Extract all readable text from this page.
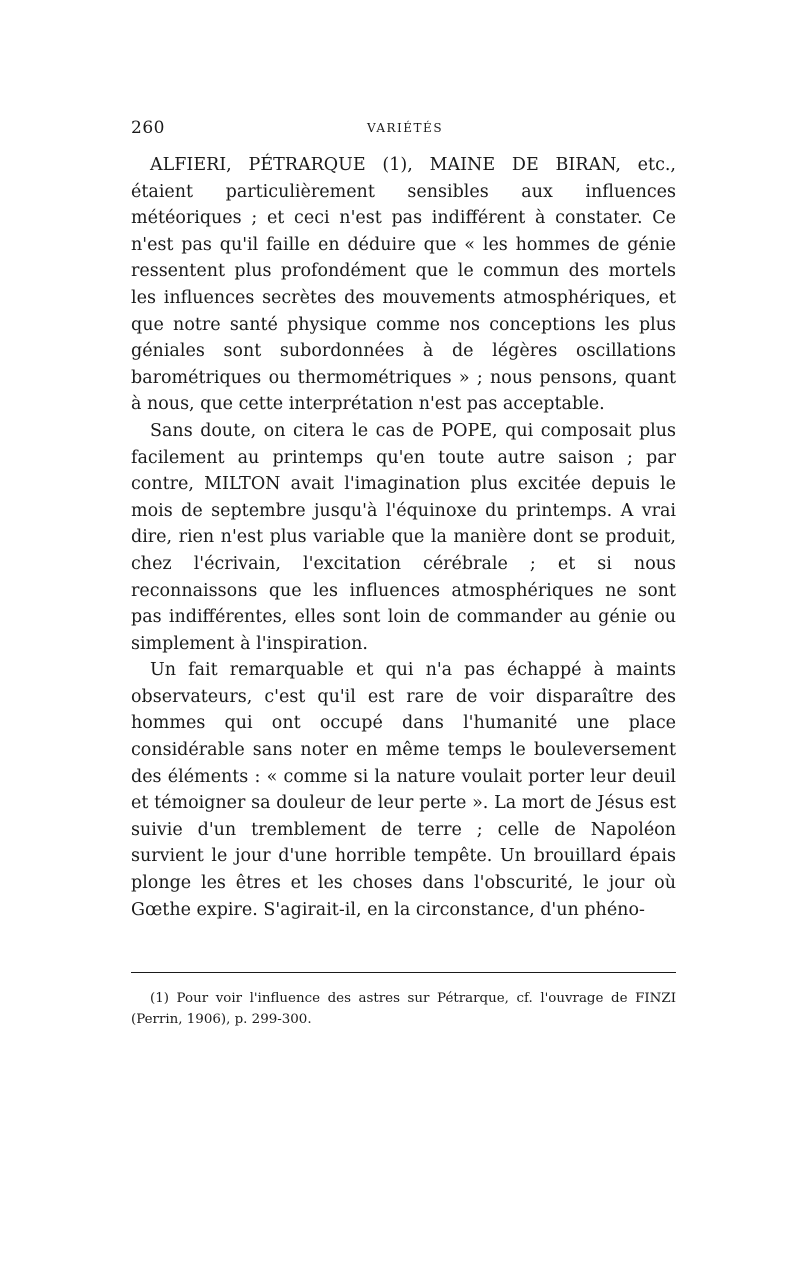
260	VARIÉTÉS

ALFIERI, PÉTRARQUE (1), MAINE DE BIRAN, etc., étaient particulièrement sensibles aux influences météoriques ; et ceci n'est pas indifférent à constater. Ce n'est pas qu'il faille en déduire que « les hommes de génie ressentent plus profondément que le commun des mortels les influences secrètes des mouvements atmosphériques, et que notre santé physique comme nos conceptions les plus géniales sont subordonnées à de légères oscillations barométriques ou thermométriques » ; nous pensons, quant à nous, que cette interprétation n'est pas acceptable.

Sans doute, on citera le cas de POPE, qui composait plus facilement au printemps qu'en toute autre saison ; par contre, MILTON avait l'imagination plus excitée depuis le mois de septembre jusqu'à l'équinoxe du printemps. A vrai dire, rien n'est plus variable que la manière dont se produit, chez l'écrivain, l'excitation cérébrale ; et si nous reconnaissons que les influences atmosphériques ne sont pas indifférentes, elles sont loin de commander au génie ou simplement à l'inspiration.

Un fait remarquable et qui n'a pas échappé à maints observateurs, c'est qu'il est rare de voir disparaître des hommes qui ont occupé dans l'humanité une place considérable sans noter en même temps le bouleversement des éléments : « comme si la nature voulait porter leur deuil et témoigner sa douleur de leur perte ». La mort de Jésus est suivie d'un tremblement de terre ; celle de Napoléon survient le jour d'une horrible tempête. Un brouillard épais plonge les êtres et les choses dans l'obscurité, le jour où Gœthe expire. S'agirait-il, en la circonstance, d'un phéno-

(1) Pour voir l'influence des astres sur Pétrarque, cf. l'ouvrage de FINZI (Perrin, 1906), p. 299-300.
